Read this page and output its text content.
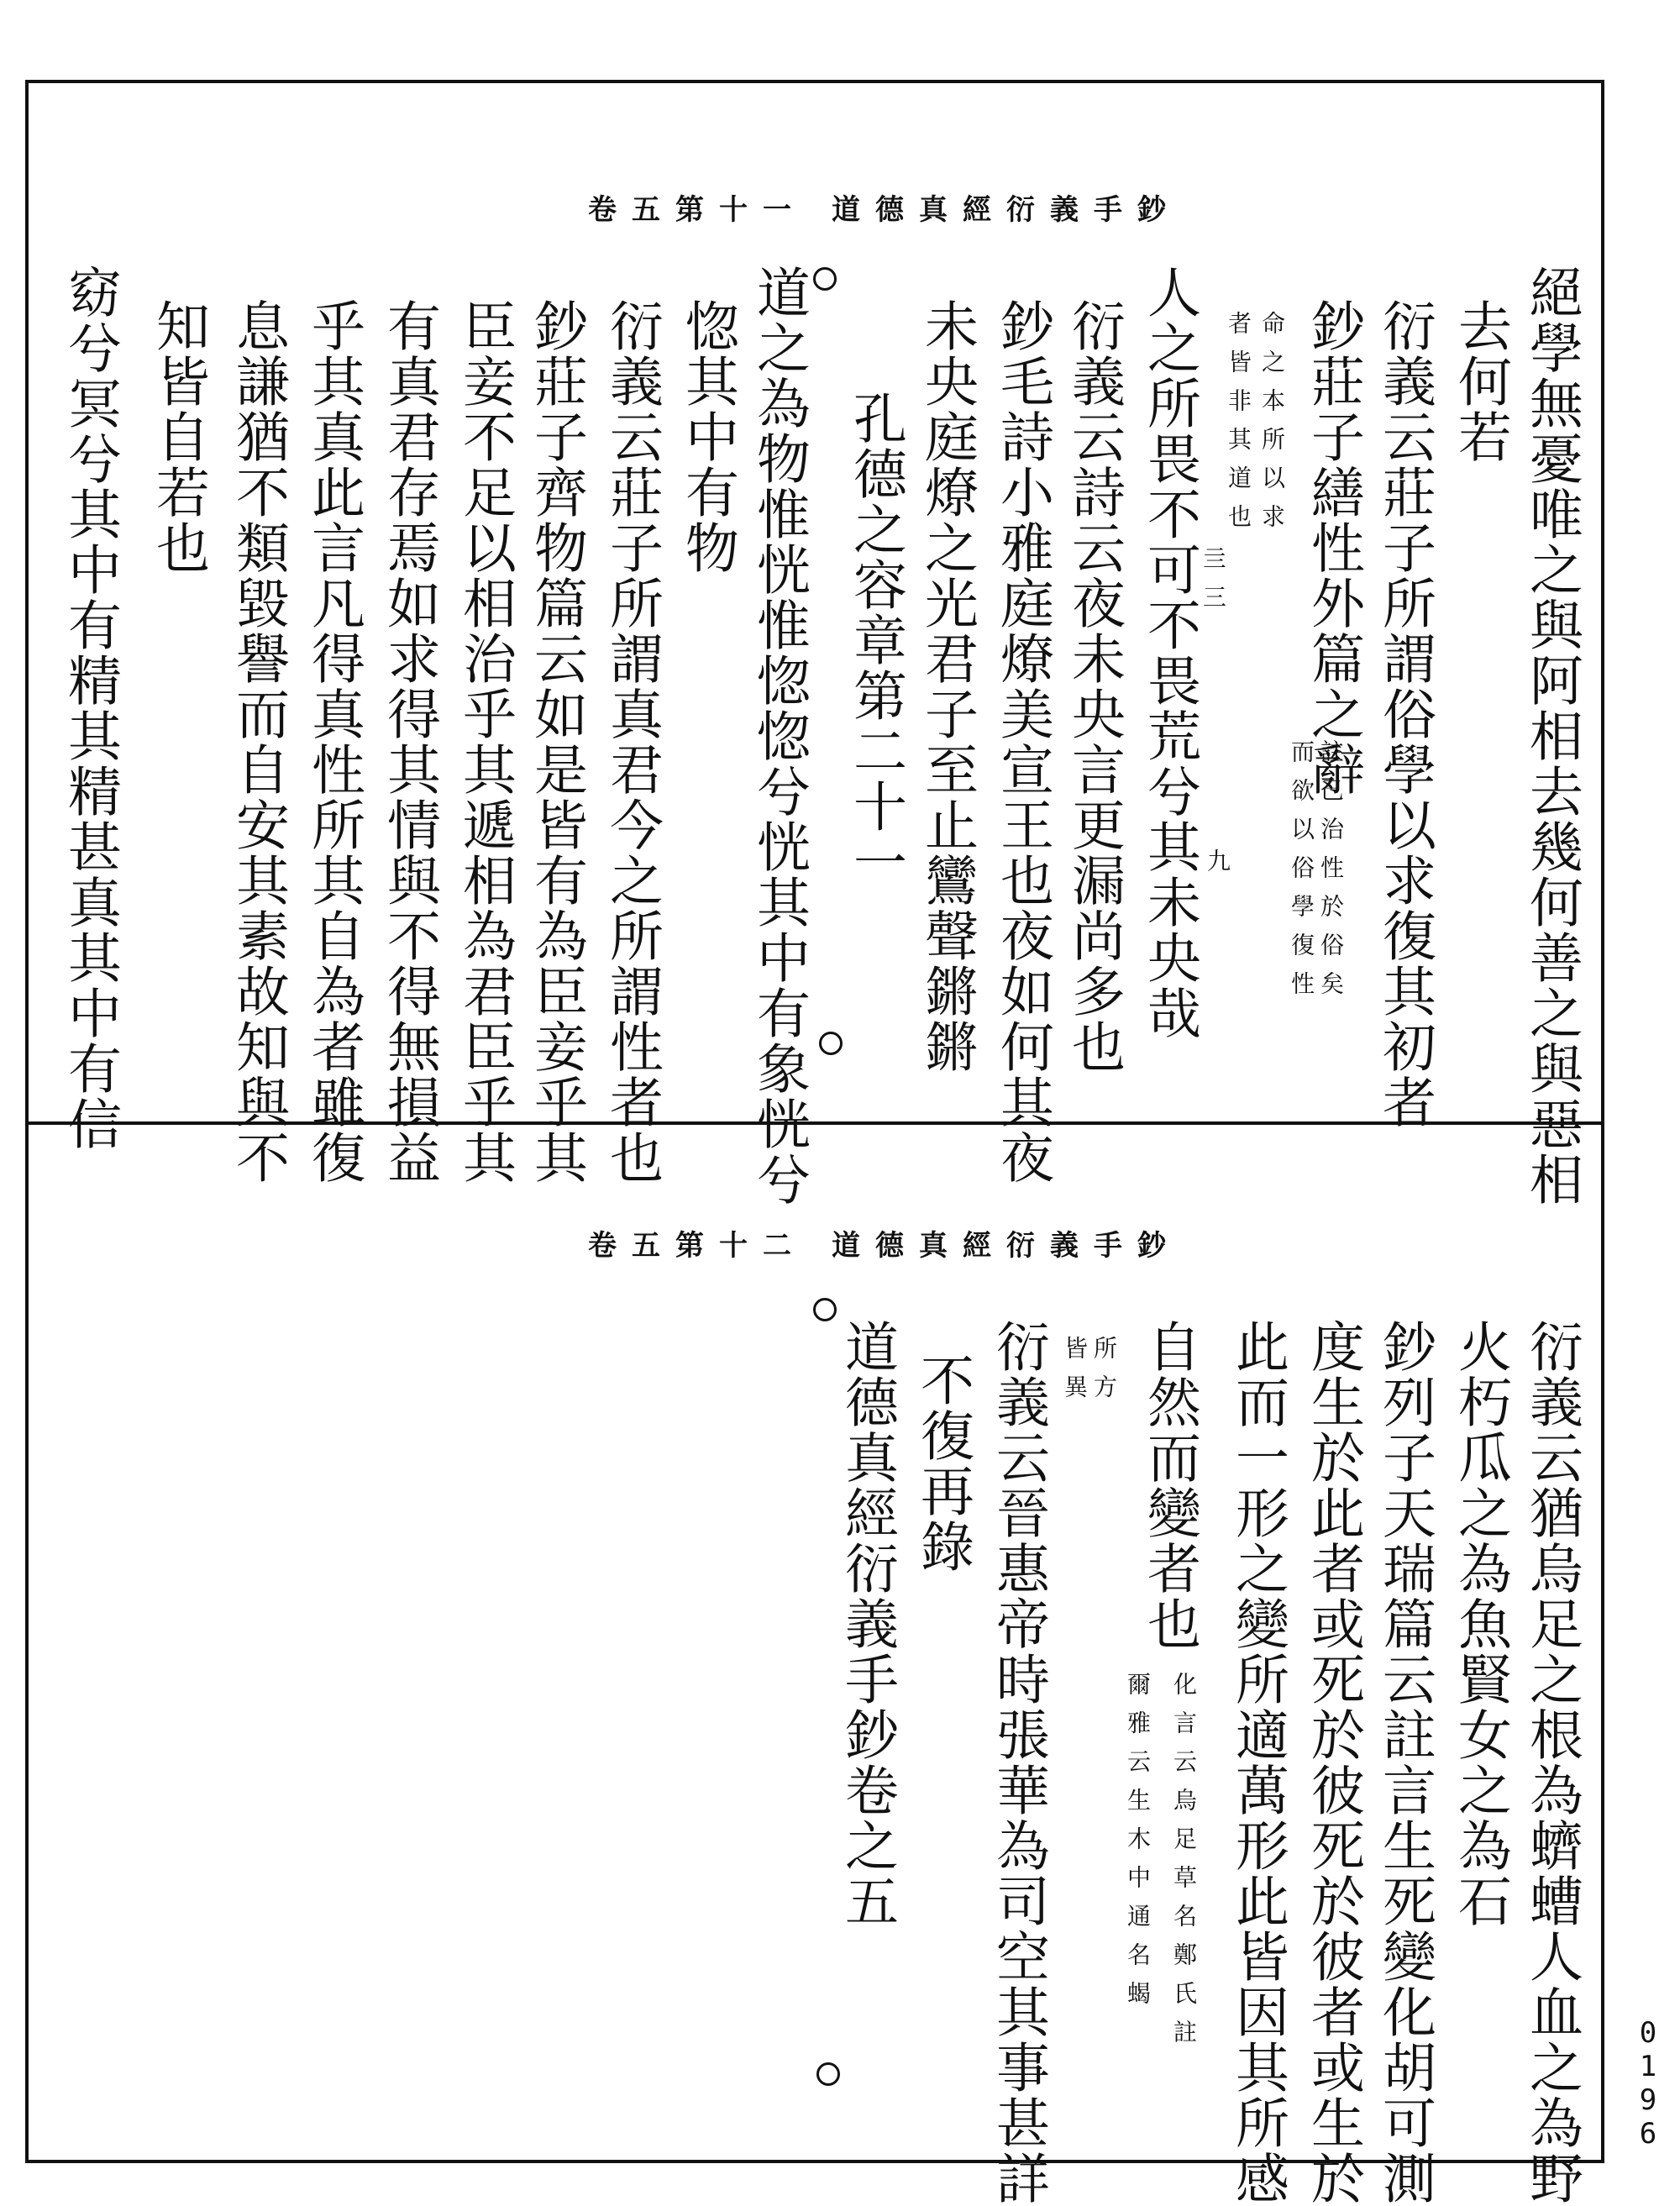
道德真經衍義手鈔
卷五第十一
絕學無憂唯之與阿相去幾何善之與惡相
去何若
衍義云莊子所謂俗學以求復其初者
鈔莊子繕性外篇之辭
註己治性於俗矣
而欲以俗學復性
命之本所以求
者皆非其道也
亖三
人之所畏不可不畏荒兮其未央哉 九
衍義云詩云夜未央言更漏尚多也
鈔毛詩小雅庭燎美宣王也夜如何其夜
未央庭燎之光君子至止鸞聲鏘鏘
孔德之容章第二十一
道之為物惟恍惟惚惚兮恍其中有象恍兮
惚其中有物
衍義云莊子所謂真君今之所謂性者也
鈔莊子齊物篇云如是皆有為臣妾乎其
臣妾不足以相治乎其遞相為君臣乎其
有真君存焉如求得其情與不得無損益
乎其真此言凡得真性所其自為者雖復
息謙猶不類毀譽而自安其素故知與不
知皆自若也
窈兮冥兮其中有精其精甚真其中有信
道德真經衍義手鈔
卷五第十二
衍義云猶烏足之根為蠐螬人血之為野
火朽瓜之為魚賢女之為石
鈔列子天瑞篇云註言生死變化胡可測
度生於此者或死於彼死於彼者或生於
此而一形之變所適萬形此皆因其所感
自然而變者也
化言云烏足草名鄭氏註
爾雅云生木中通名蝎
所方
皆異
衍義云晉惠帝時張華為司空其事甚詳
不復再錄
道德真經衍義手鈔卷之五
0196
